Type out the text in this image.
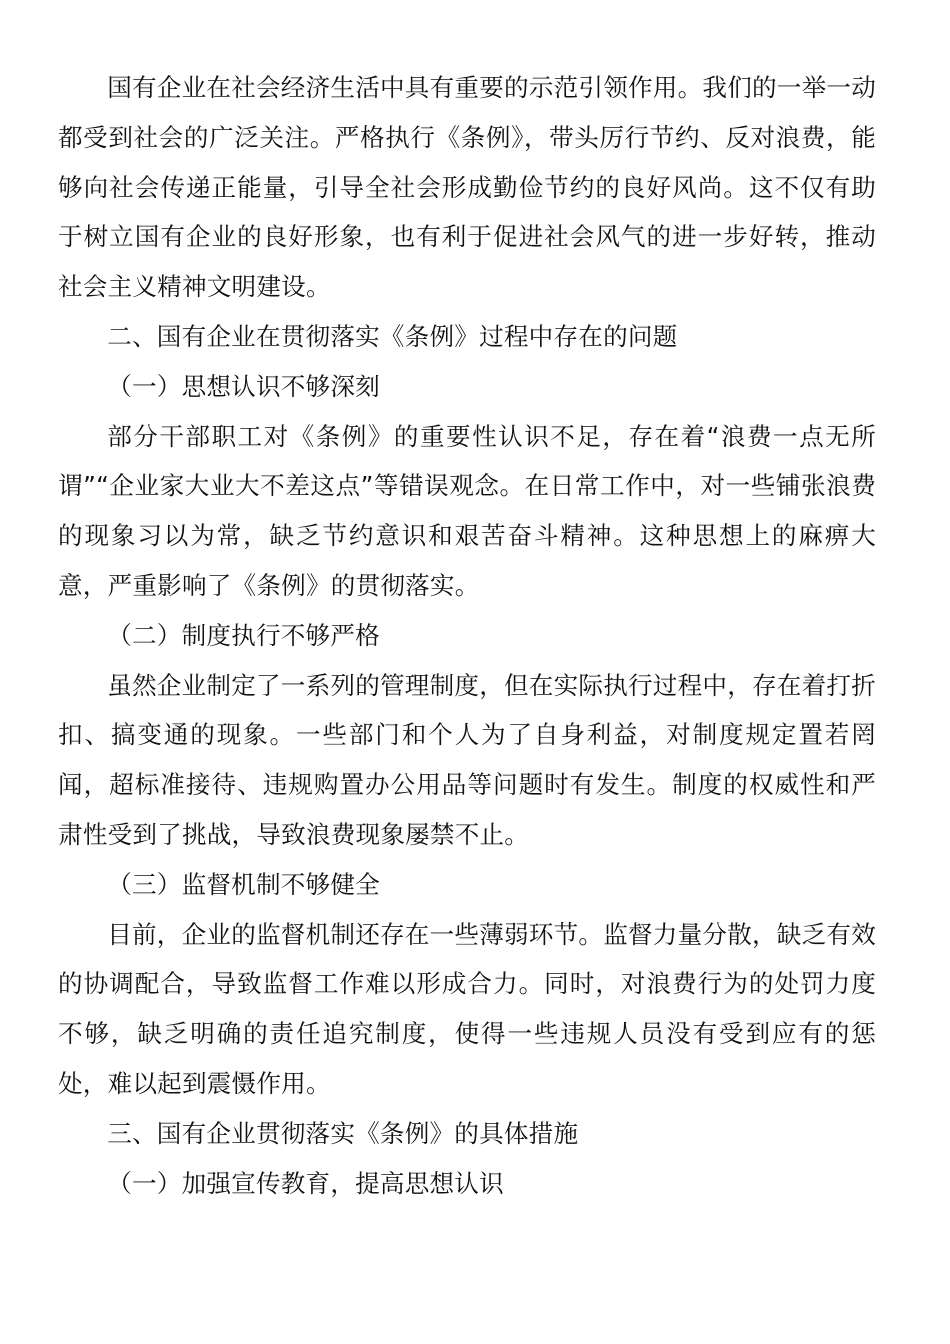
国有企业在社会经济生活中具有重要的示范引领作用。我们的一举一动都受到社会的广泛关注。严格执行《条例》，带头厉行节约、反对浪费，能够向社会传递正能量，引导全社会形成勤俭节约的良好风尚。这不仅有助于树立国有企业的良好形象，也有利于促进社会风气的进一步好转，推动社会主义精神文明建设。

二、国有企业在贯彻落实《条例》过程中存在的问题

（一）思想认识不够深刻

部分干部职工对《条例》的重要性认识不足，存在着“浪费一点无所谓”“企业家大业大不差这点”等错误观念。在日常工作中，对一些铺张浪费的现象习以为常，缺乏节约意识和艰苦奋斗精神。这种思想上的麻痹大意，严重影响了《条例》的贯彻落实。

（二）制度执行不够严格

虽然企业制定了一系列的管理制度，但在实际执行过程中，存在着打折扣、搞变通的现象。一些部门和个人为了自身利益，对制度规定置若罔闻，超标准接待、违规购置办公用品等问题时有发生。制度的权威性和严肃性受到了挑战，导致浪费现象屡禁不止。

（三）监督机制不够健全

目前，企业的监督机制还存在一些薄弱环节。监督力量分散，缺乏有效的协调配合，导致监督工作难以形成合力。同时，对浪费行为的处罚力度不够，缺乏明确的责任追究制度，使得一些违规人员没有受到应有的惩处，难以起到震慑作用。

三、国有企业贯彻落实《条例》的具体措施

（一）加强宣传教育，提高思想认识
